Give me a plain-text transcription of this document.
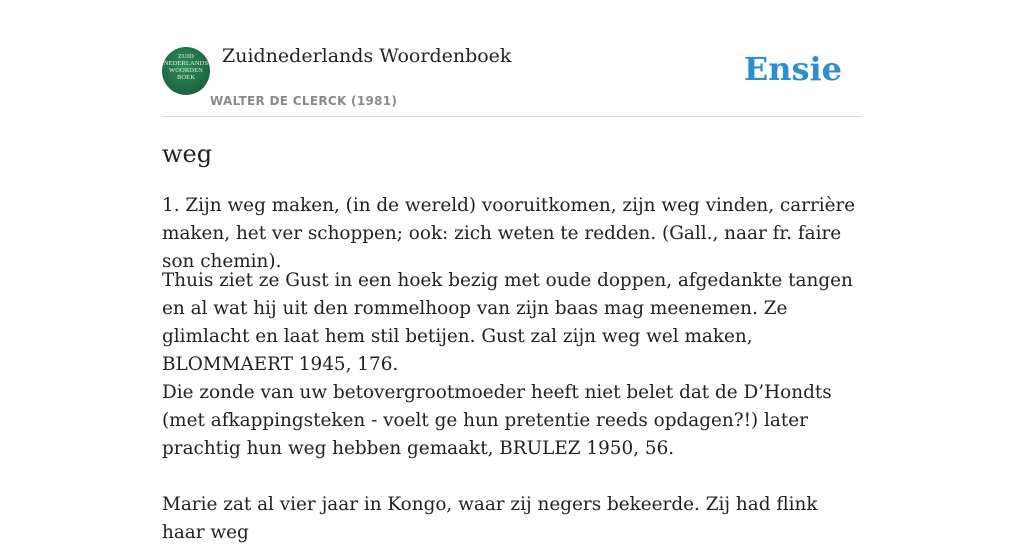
ZUID
NEDERLANDS
WOORDEN
BOEK
Zuidnederlands Woordenboek
WALTER DE CLERCK (1981)
Ensie
weg

1. Zijn weg maken, (in de wereld) vooruitkomen, zijn weg vinden, carrière maken, het ver schoppen; ook: zich weten te redden. (Gall., naar fr. faire son chemin).

Thuis ziet ze Gust in een hoek bezig met oude doppen, afgedankte tangen en al wat hij uit den rommelhoop van zijn baas mag meenemen. Ze glimlacht en laat hem stil betijen. Gust zal zijn weg wel maken, BLOMMAERT 1945, 176.

Die zonde van uw betovergrootmoeder heeft niet belet dat de D’Hondts (met afkappingsteken - voelt ge hun pretentie reeds opdagen?!) later prachtig hun weg hebben gemaakt, BRULEZ 1950, 56.

Marie zat al vier jaar in Kongo, waar zij negers bekeerde. Zij had flink haar weg
